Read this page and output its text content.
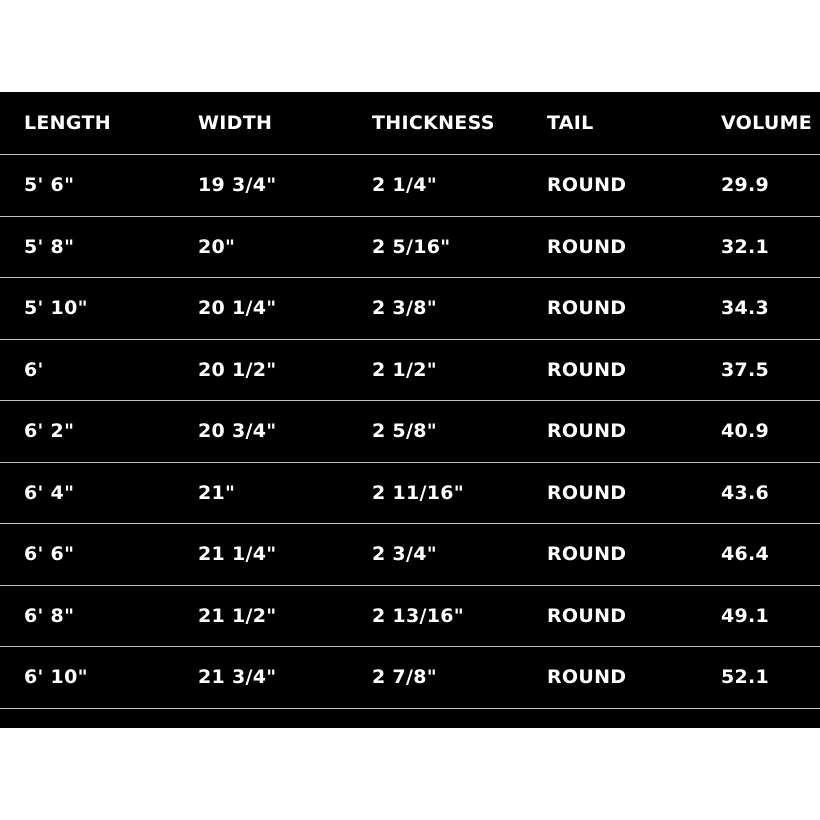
LENGTH	WIDTH	THICKNESS	TAIL	VOLUME
5' 6"	19 3/4"	2 1/4"	ROUND	29.9
5' 8"	20"	2 5/16"	ROUND	32.1
5' 10"	20 1/4"	2 3/8"	ROUND	34.3
6'	20 1/2"	2 1/2"	ROUND	37.5
6' 2"	20 3/4"	2 5/8"	ROUND	40.9
6' 4"	21"	2 11/16"	ROUND	43.6
6' 6"	21 1/4"	2 3/4"	ROUND	46.4
6' 8"	21 1/2"	2 13/16"	ROUND	49.1
6' 10"	21 3/4"	2 7/8"	ROUND	52.1
